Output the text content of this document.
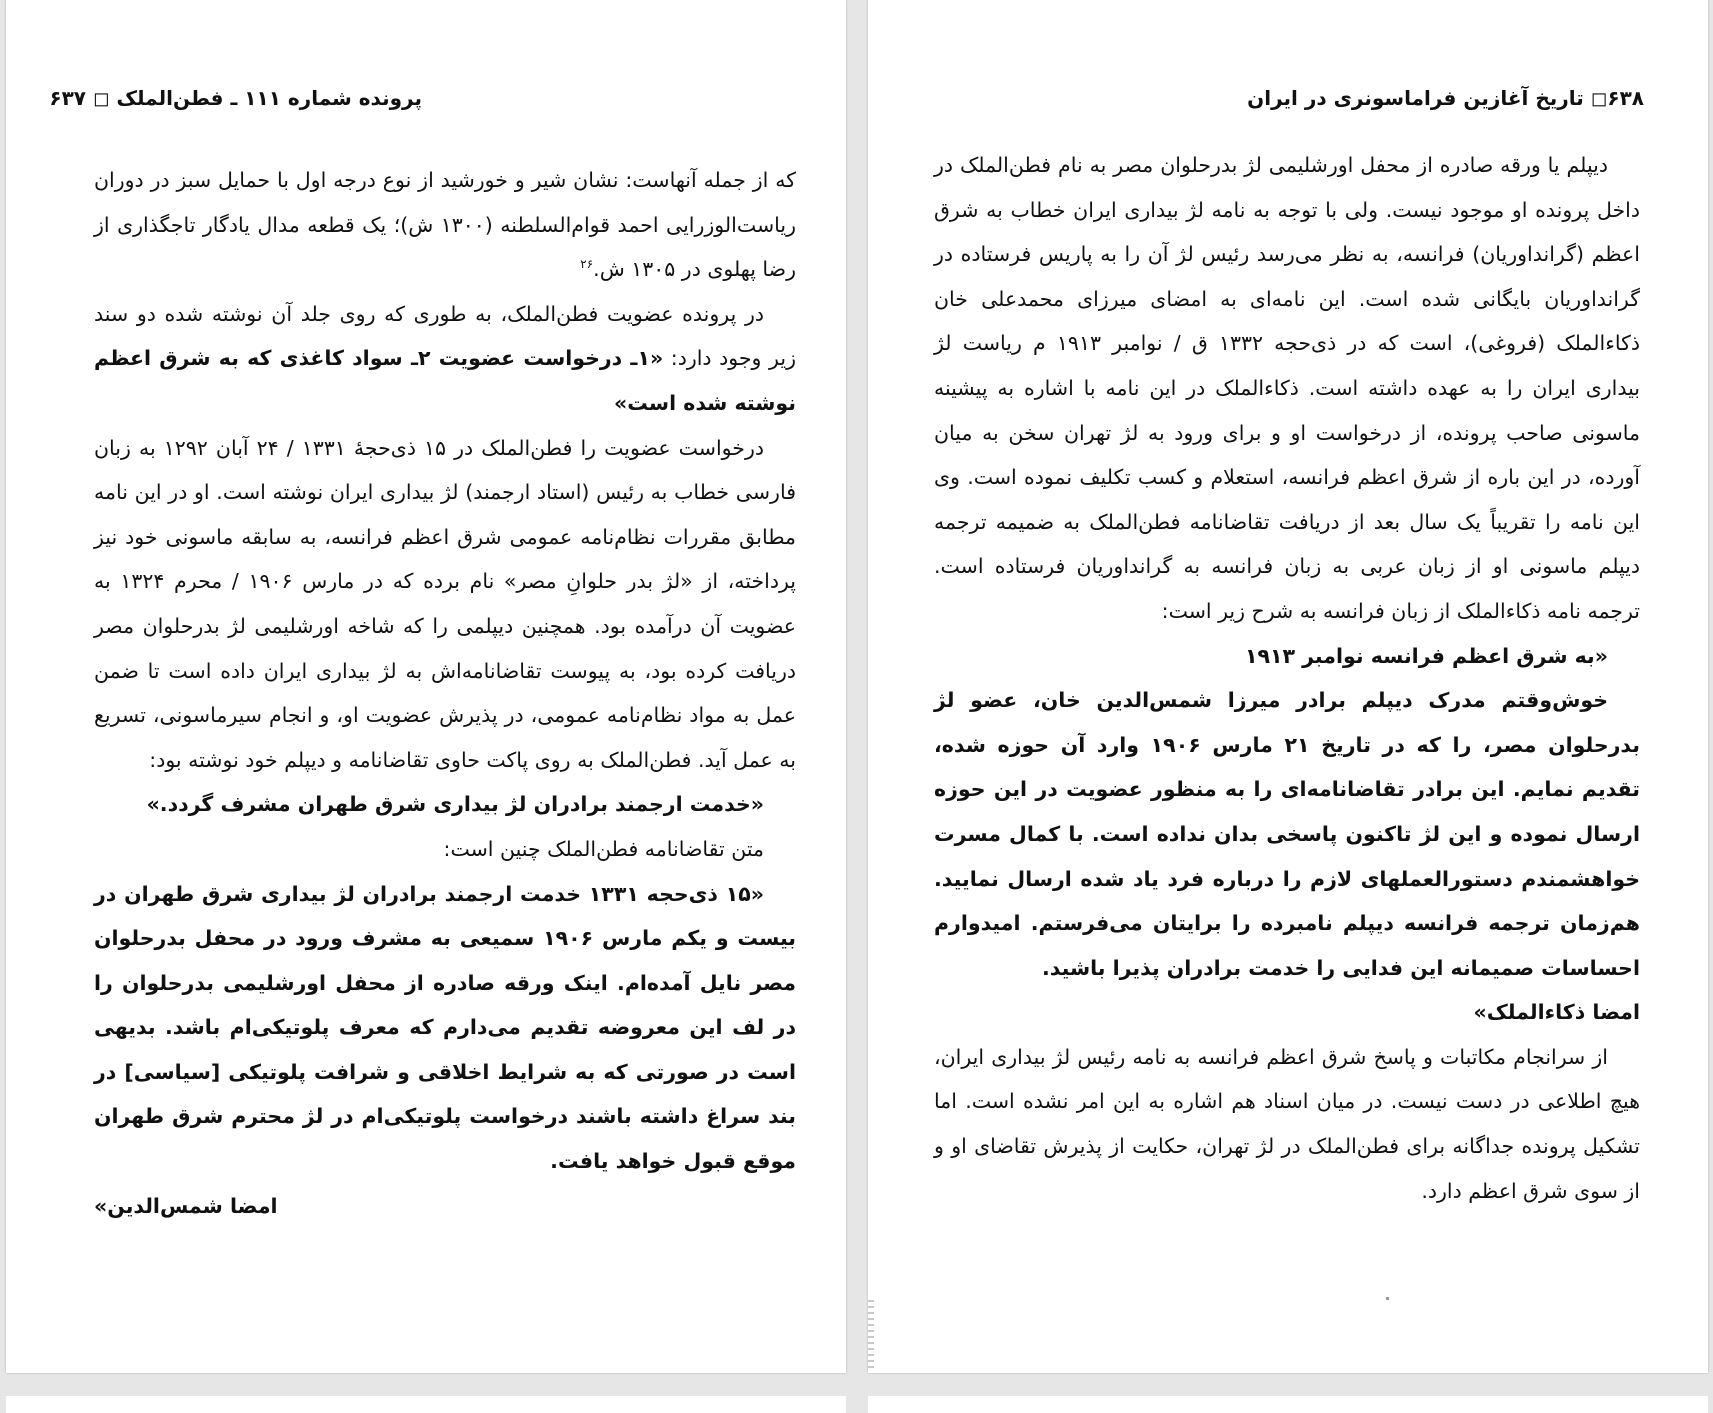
پرونده شماره ۱۱۱ ـ فطن‌الملک ◻ ۶۳۷

که از جمله آنهاست: نشان شیر و خورشید از نوع درجه اول با حمایل سبز در دوران ریاست‌الوزرایی احمد قوام‌السلطنه (۱۳۰۰ ش)؛ یک قطعه مدال یادگار تاجگذاری از رضا پهلوی در ۱۳۰۵ ش.$^{۲۶}$

در پرونده عضویت فطن‌الملک، به طوری که روی جلد آن نوشته شده دو سند زیر وجود دارد: «۱ـ درخواست عضویت ۲ـ سواد کاغذی که به شرق اعظم نوشته شده است»

درخواست عضویت را فطن‌الملک در ۱۵ ذی‌حجهٔ ۱۳۳۱ / ۲۴ آبان ۱۲۹۲ به زبان فارسی خطاب به رئیس (استاد ارجمند) لژ بیداری ایران نوشته است. او در این نامه مطابق مقررات نظام‌نامه عمومی شرق اعظم فرانسه، به سابقه ماسونی خود نیز پرداخته، از «لژ بدر حلوانِ مصر» نام برده که در مارس ۱۹۰۶ / محرم ۱۳۲۴ به عضویت آن درآمده بود. همچنین دیپلمی را که شاخه اورشلیمی لژ بدرحلوان مصر دریافت کرده بود، به پیوست تقاضانامه‌اش به لژ بیداری ایران داده است تا ضمن عمل به مواد نظام‌نامه عمومی، در پذیرش عضویت او، و انجام سیرماسونی، تسریع به عمل آید. فطن‌الملک به روی پاکت حاوی تقاضانامه و دیپلم خود نوشته بود:

«خدمت ارجمند برادران لژ بیداری شرق طهران مشرف گردد.»

متن تقاضانامه فطن‌الملک چنین است:

«۱۵ ذی‌حجه ۱۳۳۱ خدمت ارجمند برادران لژ بیداری شرق طهران در بیست و یکم مارس ۱۹۰۶ سمیعی به مشرف ورود در محفل بدرحلوان مصر نایل آمده‌ام. اینک ورقه صادره از محفل اورشلیمی بدرحلوان را در لف این معروضه تقدیم می‌دارم که معرف پلوتیکی‌ام باشد. بدیهی است در صورتی که به شرایط اخلاقی و شرافت پلوتیکی [سیاسی] در بند سراغ داشته باشند درخواست پلوتیکی‌ام در لژ محترم شرق طهران موقع قبول خواهد یافت.

امضا شمس‌الدین»

۶۳۸◻ تاریخ آغازین فراماسونری در ایران

دیپلم یا ورقه صادره از محفل اورشلیمی لژ بدرحلوان مصر به نام فطن‌الملک در داخل پرونده او موجود نیست. ولی با توجه به نامه لژ بیداری ایران خطاب به شرق اعظم (گراند‌اوریان) فرانسه، به نظر می‌رسد رئیس لژ آن را به پاریس فرستاده در گراند‌اوریان بایگانی شده است. این نامه‌ای به امضای میرزای محمدعلی خان ذکاءالملک (فروغی)، است که در ذی‌حجه ۱۳۳۲ ق / نوامبر ۱۹۱۳ م ریاست لژ بیداری ایران را به عهده داشته است. ذکاءالملک در این نامه با اشاره به پیشینه ماسونی صاحب پرونده، از درخواست او و برای ورود به لژ تهران سخن به میان آورده، در این باره از شرق اعظم فرانسه، استعلام و کسب تکلیف نموده است. وی این نامه را تقریباً یک سال بعد از دریافت تقاضانامه فطن‌الملک به ضمیمه ترجمه دیپلم ماسونی او از زبان عربی به زبان فرانسه به گراند‌اوریان فرستاده است. ترجمه نامه ذکاءالملک از زبان فرانسه به شرح زیر است:

«به شرق اعظم فرانسه نوامبر ۱۹۱۳

خوش‌وقتم مدرک دیپلم برادر میرزا شمس‌الدین خان، عضو لژ بدرحلوان مصر، را که در تاریخ ۲۱ مارس ۱۹۰۶ وارد آن حوزه شده، تقدیم نمایم. این برادر تقاضانامه‌ای را به منظور عضویت در این حوزه ارسال نموده و این لژ تاکنون پاسخی بدان نداده است. با کمال مسرت خواهشمندم دستورالعملهای لازم را درباره فرد یاد شده ارسال نمایید. هم‌زمان ترجمه فرانسه دیپلم نامبرده را برایتان می‌فرستم. امیدوارم احساسات صمیمانه این فدایی را خدمت برادران پذیرا باشید.

امضا ذکاءالملک»

از سرانجام مکاتبات و پاسخ شرق اعظم فرانسه به نامه رئیس لژ بیداری ایران، هیچ اطلاعی در دست نیست. در میان اسناد هم اشاره به این امر نشده است. اما تشکیل پرونده جداگانه برای فطن‌الملک در لژ تهران، حکایت از پذیرش تقاضای او و از سوی شرق اعظم دارد.
